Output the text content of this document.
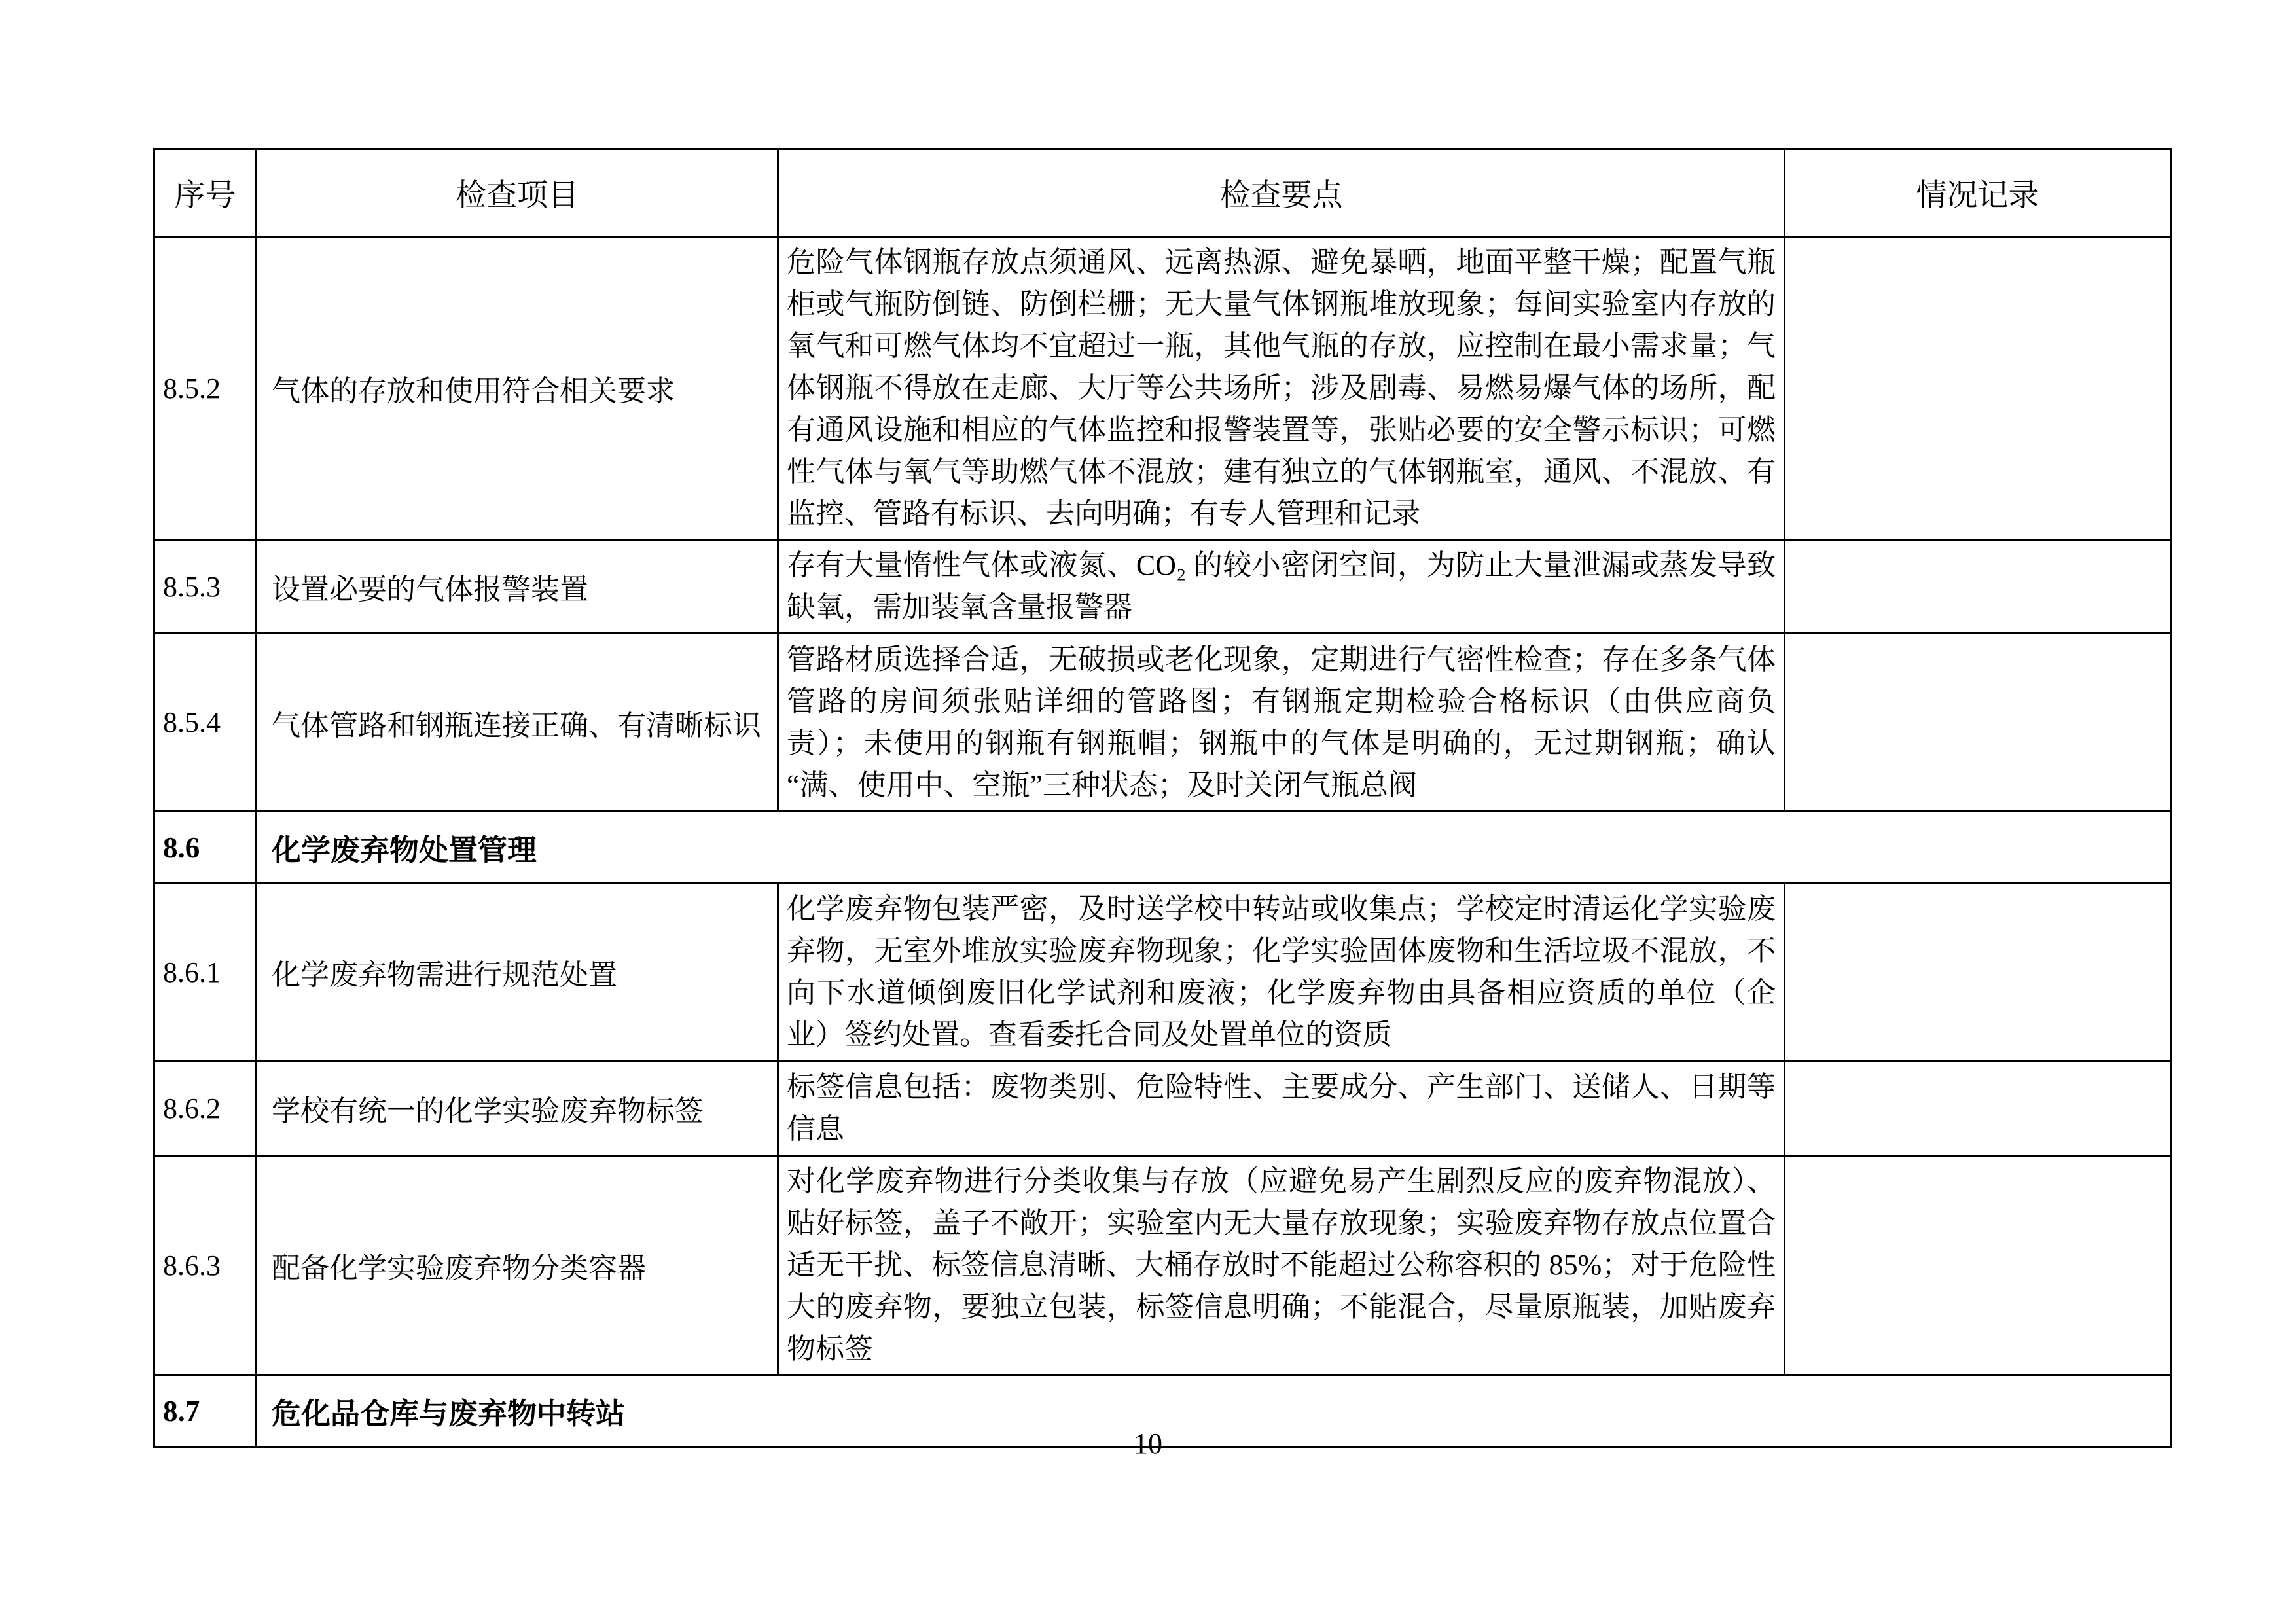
序号	检查项目	检查要点	情况记录
8.5.2	气体的存放和使用符合相关要求	危险气体钢瓶存放点须通风、远离热源、避免暴晒，地面平整干燥；配置气瓶柜或气瓶防倒链、防倒栏栅；无大量气体钢瓶堆放现象；每间实验室内存放的氧气和可燃气体均不宜超过一瓶，其他气瓶的存放，应控制在最小需求量；气体钢瓶不得放在走廊、大厅等公共场所；涉及剧毒、易燃易爆气体的场所，配有通风设施和相应的气体监控和报警装置等，张贴必要的安全警示标识；可燃性气体与氧气等助燃气体不混放；建有独立的气体钢瓶室，通风、不混放、有监控、管路有标识、去向明确；有专人管理和记录	
8.5.3	设置必要的气体报警装置	存有大量惰性气体或液氮、CO₂ 的较小密闭空间，为防止大量泄漏或蒸发导致缺氧，需加装氧含量报警器	
8.5.4	气体管路和钢瓶连接正确、有清晰标识	管路材质选择合适，无破损或老化现象，定期进行气密性检查；存在多条气体管路的房间须张贴详细的管路图；有钢瓶定期检验合格标识（由供应商负责）；未使用的钢瓶有钢瓶帽；钢瓶中的气体是明确的，无过期钢瓶；确认“满、使用中、空瓶”三种状态；及时关闭气瓶总阀	
8.6	化学废弃物处置管理		
8.6.1	化学废弃物需进行规范处置	化学废弃物包装严密，及时送学校中转站或收集点；学校定时清运化学实验废弃物，无室外堆放实验废弃物现象；化学实验固体废物和生活垃圾不混放，不向下水道倾倒废旧化学试剂和废液；化学废弃物由具备相应资质的单位（企业）签约处置。查看委托合同及处置单位的资质	
8.6.2	学校有统一的化学实验废弃物标签	标签信息包括：废物类别、危险特性、主要成分、产生部门、送储人、日期等信息	
8.6.3	配备化学实验废弃物分类容器	对化学废弃物进行分类收集与存放（应避免易产生剧烈反应的废弃物混放）、贴好标签，盖子不敞开；实验室内无大量存放现象；实验废弃物存放点位置合适无干扰、标签信息清晰、大桶存放时不能超过公称容积的 85%；对于危险性大的废弃物，要独立包装，标签信息明确；不能混合，尽量原瓶装，加贴废弃物标签	
8.7	危化品仓库与废弃物中转站		
10
